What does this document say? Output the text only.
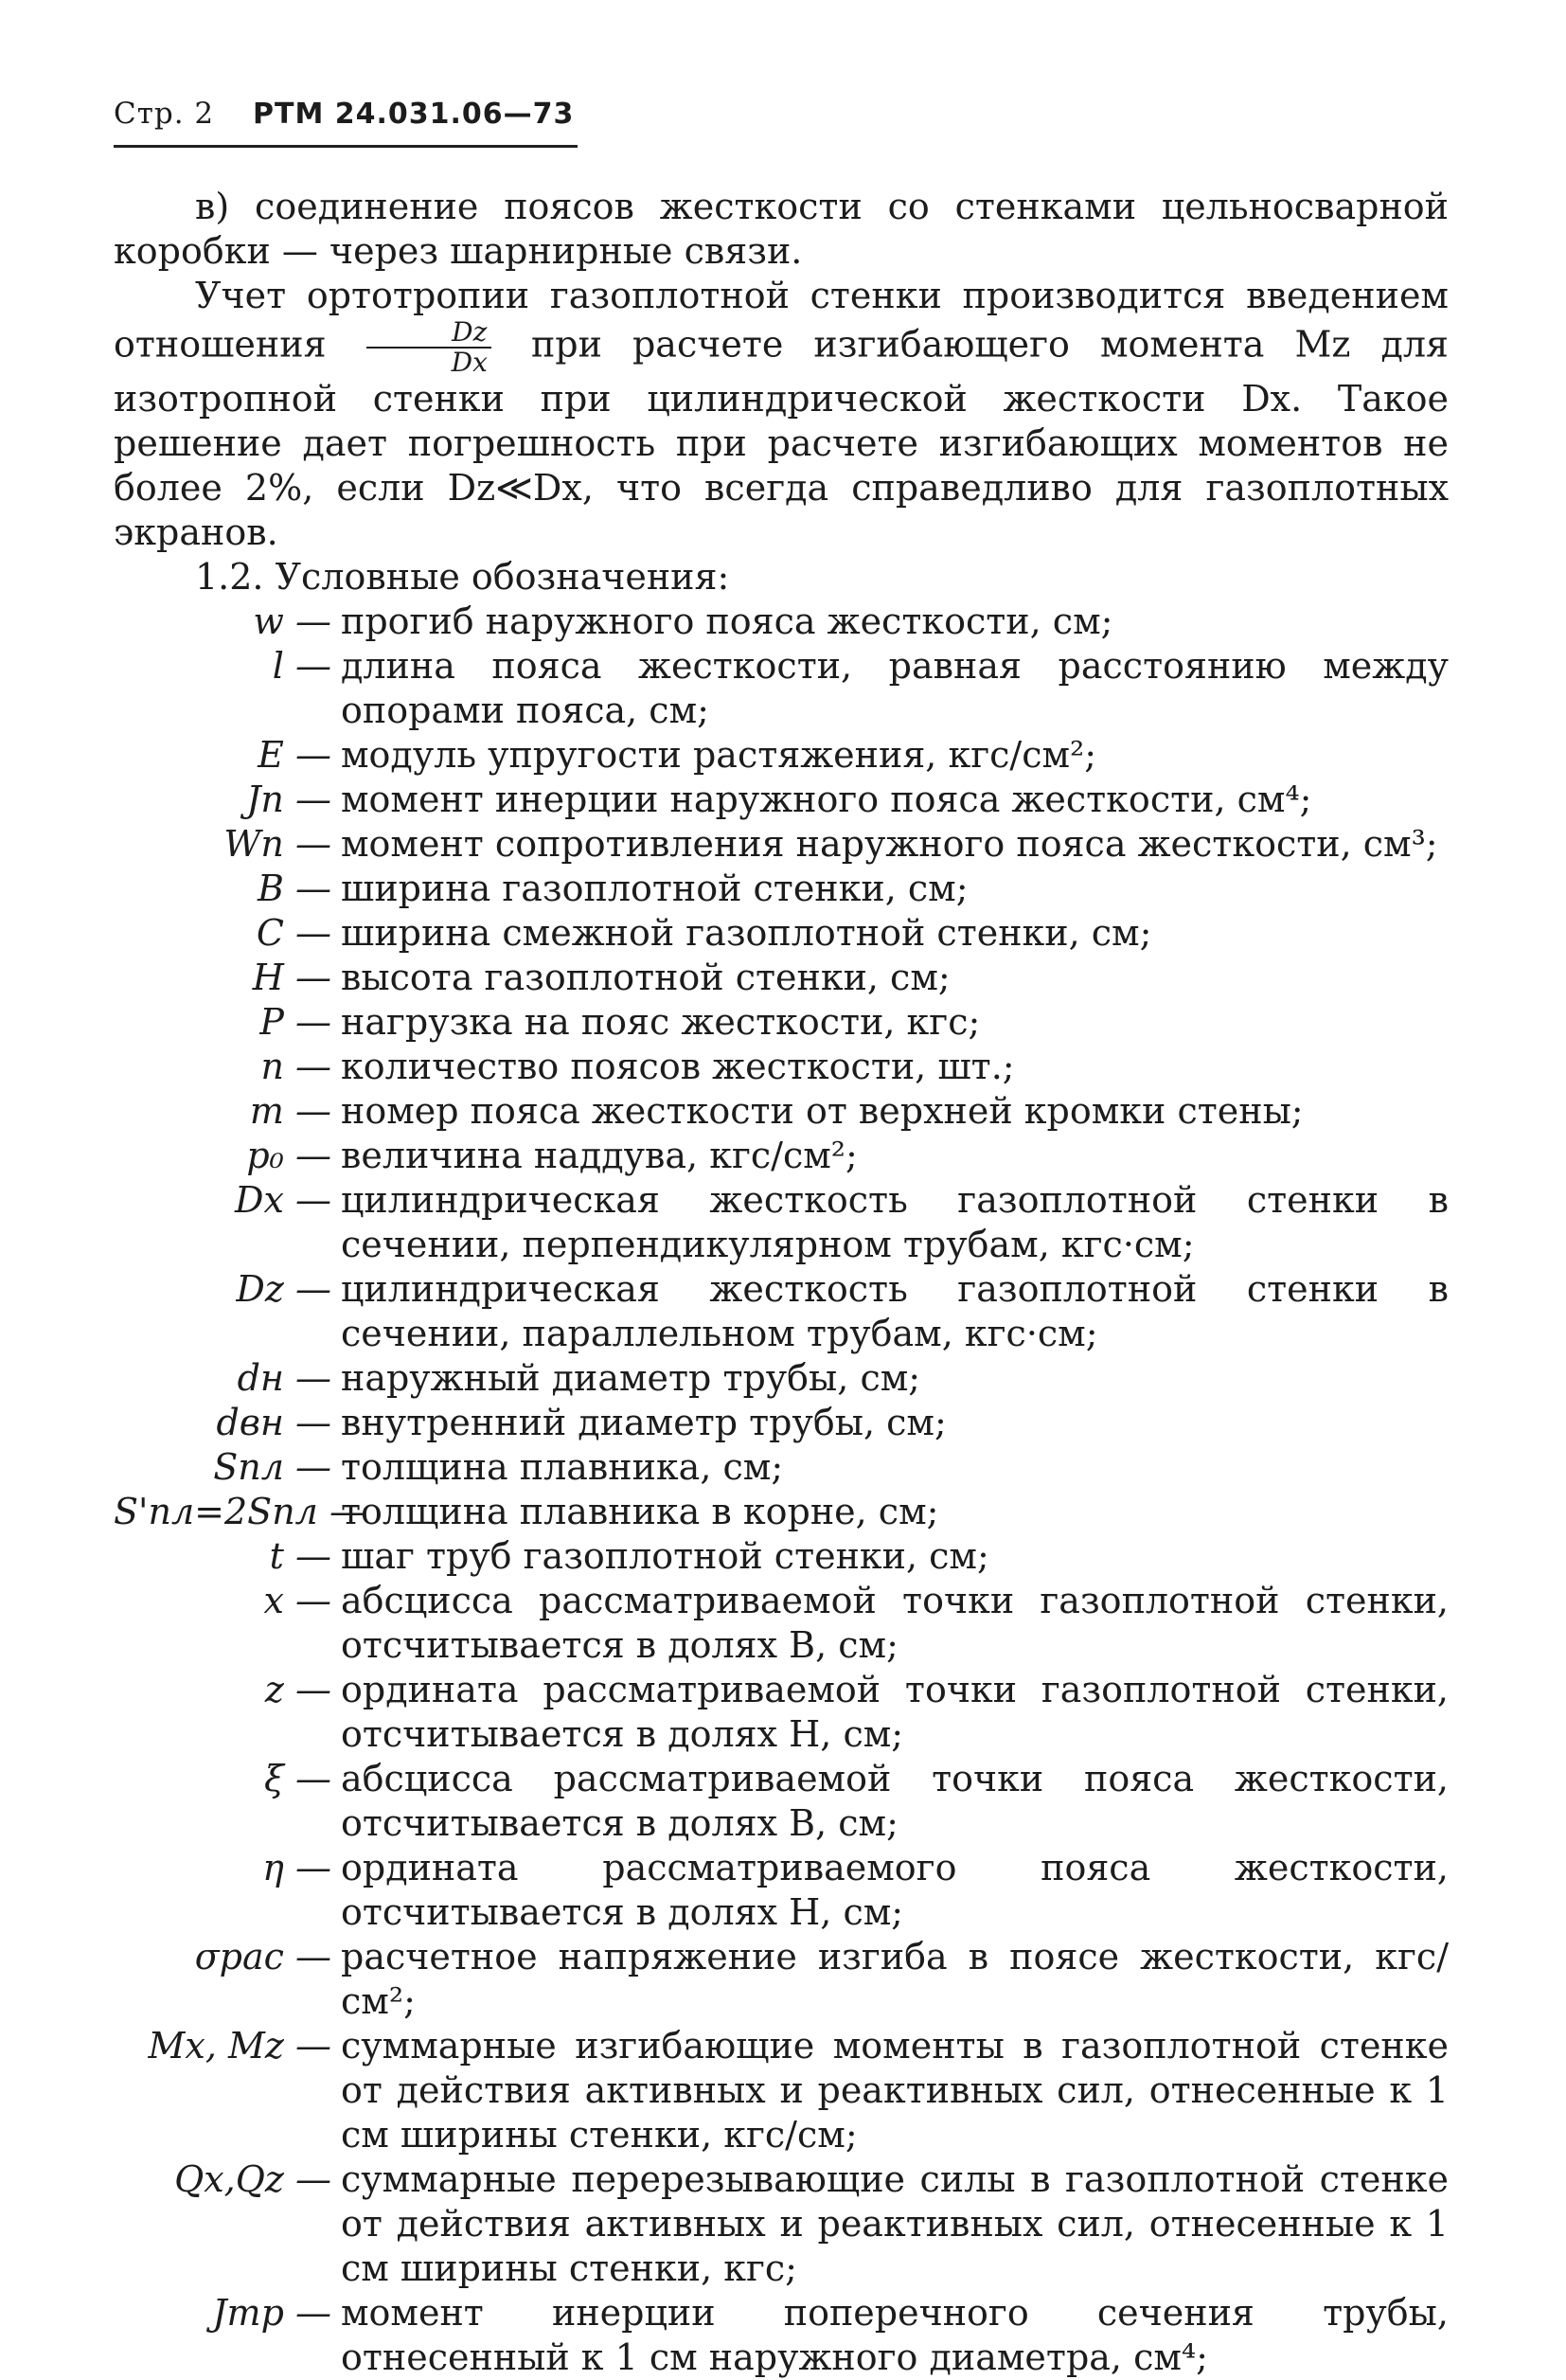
Стр. 2 РТМ 24.031.06—73

в) соединение поясов жесткости со стенками цельносварной коробки — через шарнирные связи.

Учет ортотропии газоплотной стенки производится введением отношения $\frac{Dz}{Dx}$ при расчете изгибающего момента Mz для изотропной стенки при цилиндрической жесткости Dx. Такое решение дает погрешность при расчете изгибающих моментов не более 2%, если Dz≪Dx, что всегда справедливо для газоплотных экранов.

1.2. Условные обозначения:

w — прогиб наружного пояса жесткости, см;
l — длина пояса жесткости, равная расстоянию между опорами пояса, см;
E — модуль упругости растяжения, кгс/см²;
Jп — момент инерции наружного пояса жесткости, см⁴;
Wп — момент сопротивления наружного пояса жесткости, см³;
B — ширина газоплотной стенки, см;
C — ширина смежной газоплотной стенки, см;
H — высота газоплотной стенки, см;
P — нагрузка на пояс жесткости, кгс;
n — количество поясов жесткости, шт.;
m — номер пояса жесткости от верхней кромки стены;
p₀ — величина наддува, кгс/см²;
Dx — цилиндрическая жесткость газоплотной стенки в сечении, перпендикулярном трубам, кгс·см;
Dz — цилиндрическая жесткость газоплотной стенки в сечении, параллельном трубам, кгс·см;
dн — наружный диаметр трубы, см;
dвн — внутренний диаметр трубы, см;
Sпл — толщина плавника, см;
S'пл=2Sпл —
толщина плавника в корне, см;
t — шаг труб газоплотной стенки, см;
x — абсцисса рассматриваемой точки газоплотной стенки, отсчитывается в долях B, см;
z — ордината рассматриваемой точки газоплотной стенки, отсчитывается в долях H, см;
ξ — абсцисса рассматриваемой точки пояса жесткости, отсчитывается в долях B, см;
η — ордината рассматриваемого пояса жесткости, отсчитывается в долях H, см;
σрас — расчетное напряжение изгиба в поясе жесткости, кгс/см²;
Mx, Mz — суммарные изгибающие моменты в газоплотной стенке от действия активных и реактивных сил, отнесенные к 1 см ширины стенки, кгс/см;
Qx,Qz — суммарные перерезывающие силы в газоплотной стенке от действия активных и реактивных сил, отнесенные к 1 см ширины стенки, кгс;
Jтр — момент инерции поперечного сечения трубы, отнесенный к 1 см наружного диаметра, см⁴;
